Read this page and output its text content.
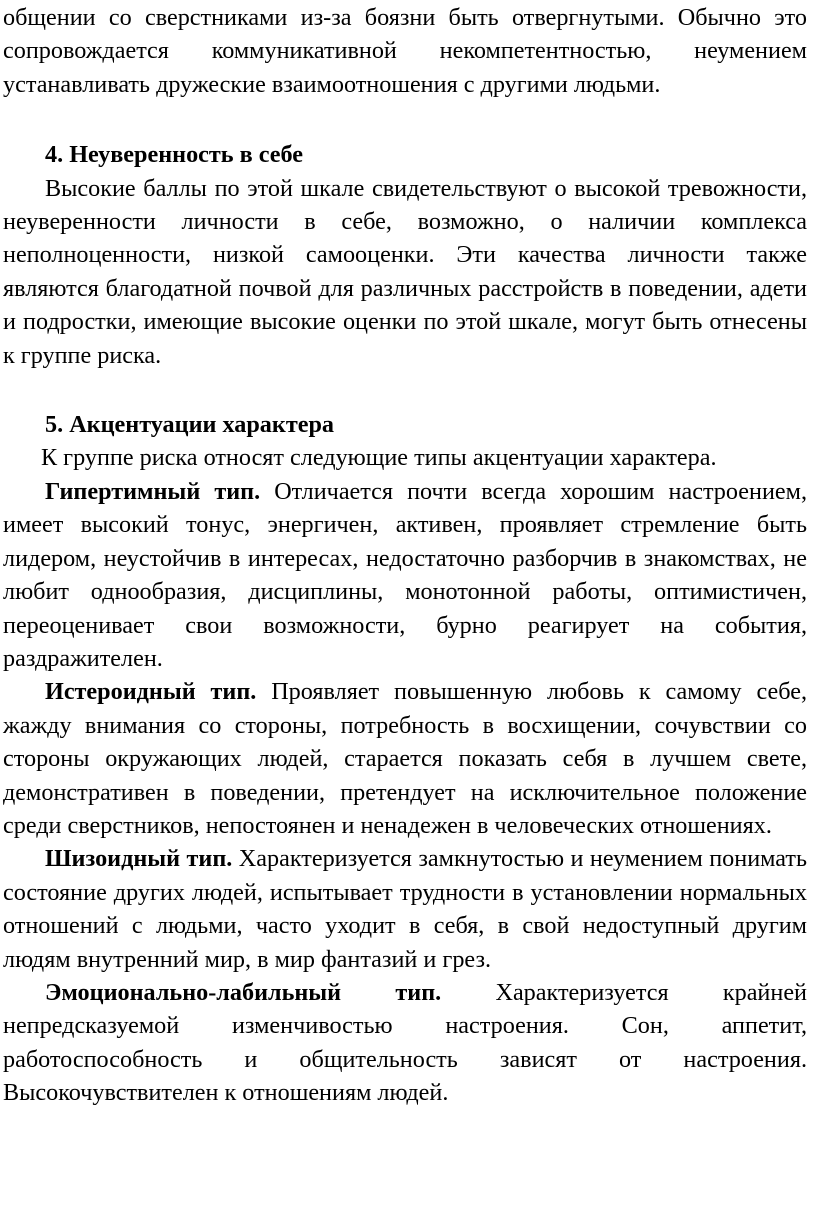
общении со сверстниками из-за боязни быть отвергнутыми. Обычно это сопровождается коммуникативной некомпетентностью, неумением устанавливать дружеские взаимоотношения с другими людьми.

4. Неуверенность в себе

Высокие баллы по этой шкале свидетельствуют о высокой тревожности, неуверенности личности в себе, возможно, о наличии комплекса неполноценности, низкой самооценки. Эти качества личности также являются благодатной почвой для различных расстройств в поведении, адети и подростки, имеющие высокие оценки по этой шкале, могут быть отнесены к группе риска.

5. Акцентуации характера

К группе риска относят следующие типы акцентуации характера.

Гипертимный тип. Отличается почти всегда хорошим настроением, имеет высокий тонус, энергичен, активен, проявляет стремление быть лидером, неустойчив в интересах, недостаточно разборчив в знакомствах, не любит однообразия, дисциплины, монотонной работы, оптимистичен, переоценивает свои возможности, бурно реагирует на события, раздражителен.

Истероидный тип. Проявляет повышенную любовь к самому себе, жажду внимания со стороны, потребность в восхищении, сочувствии со стороны окружающих людей, старается показать себя в лучшем свете, демонстративен в поведении, претендует на исключительное положение среди сверстников, непостоянен и ненадежен в человеческих отношениях.

Шизоидный тип. Характеризуется замкнутостью и неумением понимать состояние других людей, испытывает трудности в установлении нормальных отношений с людьми, часто уходит в себя, в свой недоступный другим людям внутренний мир, в мир фантазий и грез.

Эмоционально-лабильный тип. Характеризуется крайней непредсказуемой изменчивостью настроения. Сон, аппетит, работоспособность и общительность зависят от настроения. Высокочувствителен к отношениям людей.
